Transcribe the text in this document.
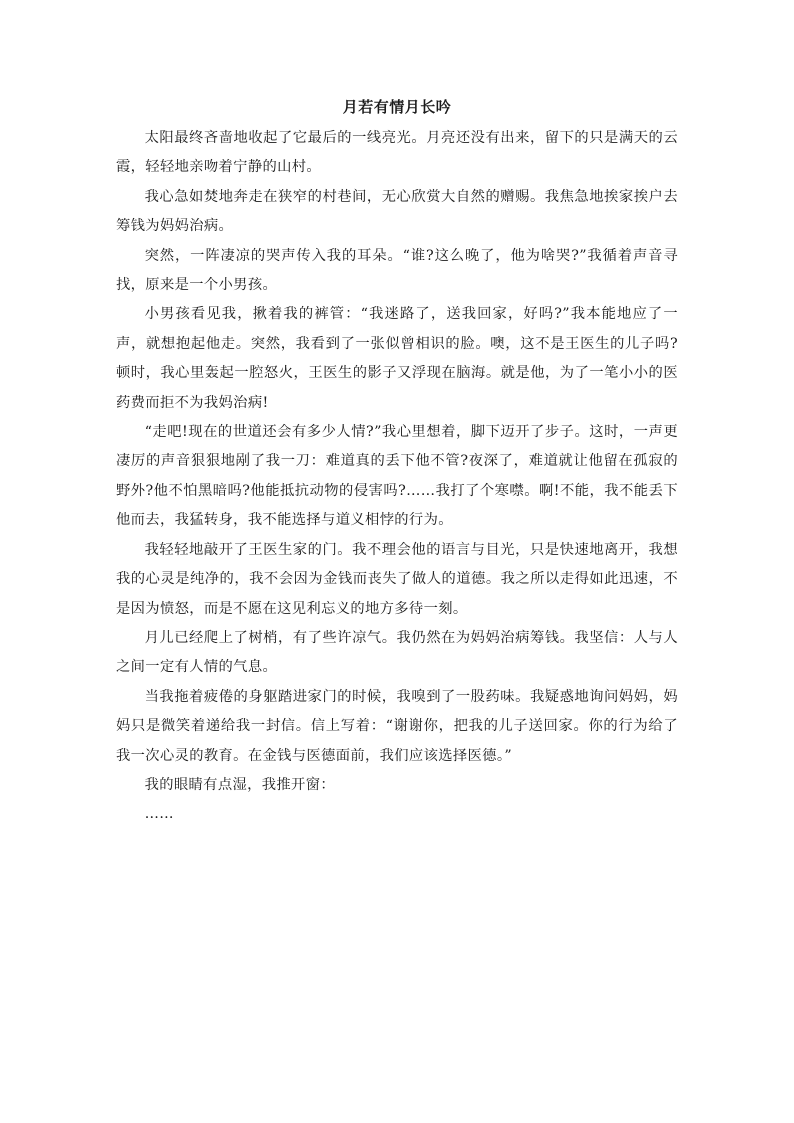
月若有情月长吟

太阳最终吝啬地收起了它最后的一线亮光。月亮还没有出来，留下的只是满天的云霞，轻轻地亲吻着宁静的山村。

我心急如焚地奔走在狭窄的村巷间，无心欣赏大自然的赠赐。我焦急地挨家挨户去筹钱为妈妈治病。

突然，一阵凄凉的哭声传入我的耳朵。“谁?这么晚了，他为啥哭?”我循着声音寻找，原来是一个小男孩。

小男孩看见我，揪着我的裤管：“我迷路了，送我回家，好吗?”我本能地应了一声，就想抱起他走。突然，我看到了一张似曾相识的脸。噢，这不是王医生的儿子吗?顿时，我心里轰起一腔怒火，王医生的影子又浮现在脑海。就是他，为了一笔小小的医药费而拒不为我妈治病!

“走吧!现在的世道还会有多少人情?”我心里想着，脚下迈开了步子。这时，一声更凄厉的声音狠狠地剐了我一刀：难道真的丢下他不管?夜深了，难道就让他留在孤寂的野外?他不怕黑暗吗?他能抵抗动物的侵害吗?……我打了个寒噤。啊!不能，我不能丢下他而去，我猛转身，我不能选择与道义相悖的行为。

我轻轻地敲开了王医生家的门。我不理会他的语言与目光，只是快速地离开，我想我的心灵是纯净的，我不会因为金钱而丧失了做人的道德。我之所以走得如此迅速，不是因为愤怒，而是不愿在这见利忘义的地方多待一刻。

月儿已经爬上了树梢，有了些许凉气。我仍然在为妈妈治病筹钱。我坚信：人与人之间一定有人情的气息。

当我拖着疲倦的身躯踏进家门的时候，我嗅到了一股药味。我疑惑地询问妈妈，妈妈只是微笑着递给我一封信。信上写着：“谢谢你，把我的儿子送回家。你的行为给了我一次心灵的教育。在金钱与医德面前，我们应该选择医德。”

我的眼睛有点湿，我推开窗：

……
